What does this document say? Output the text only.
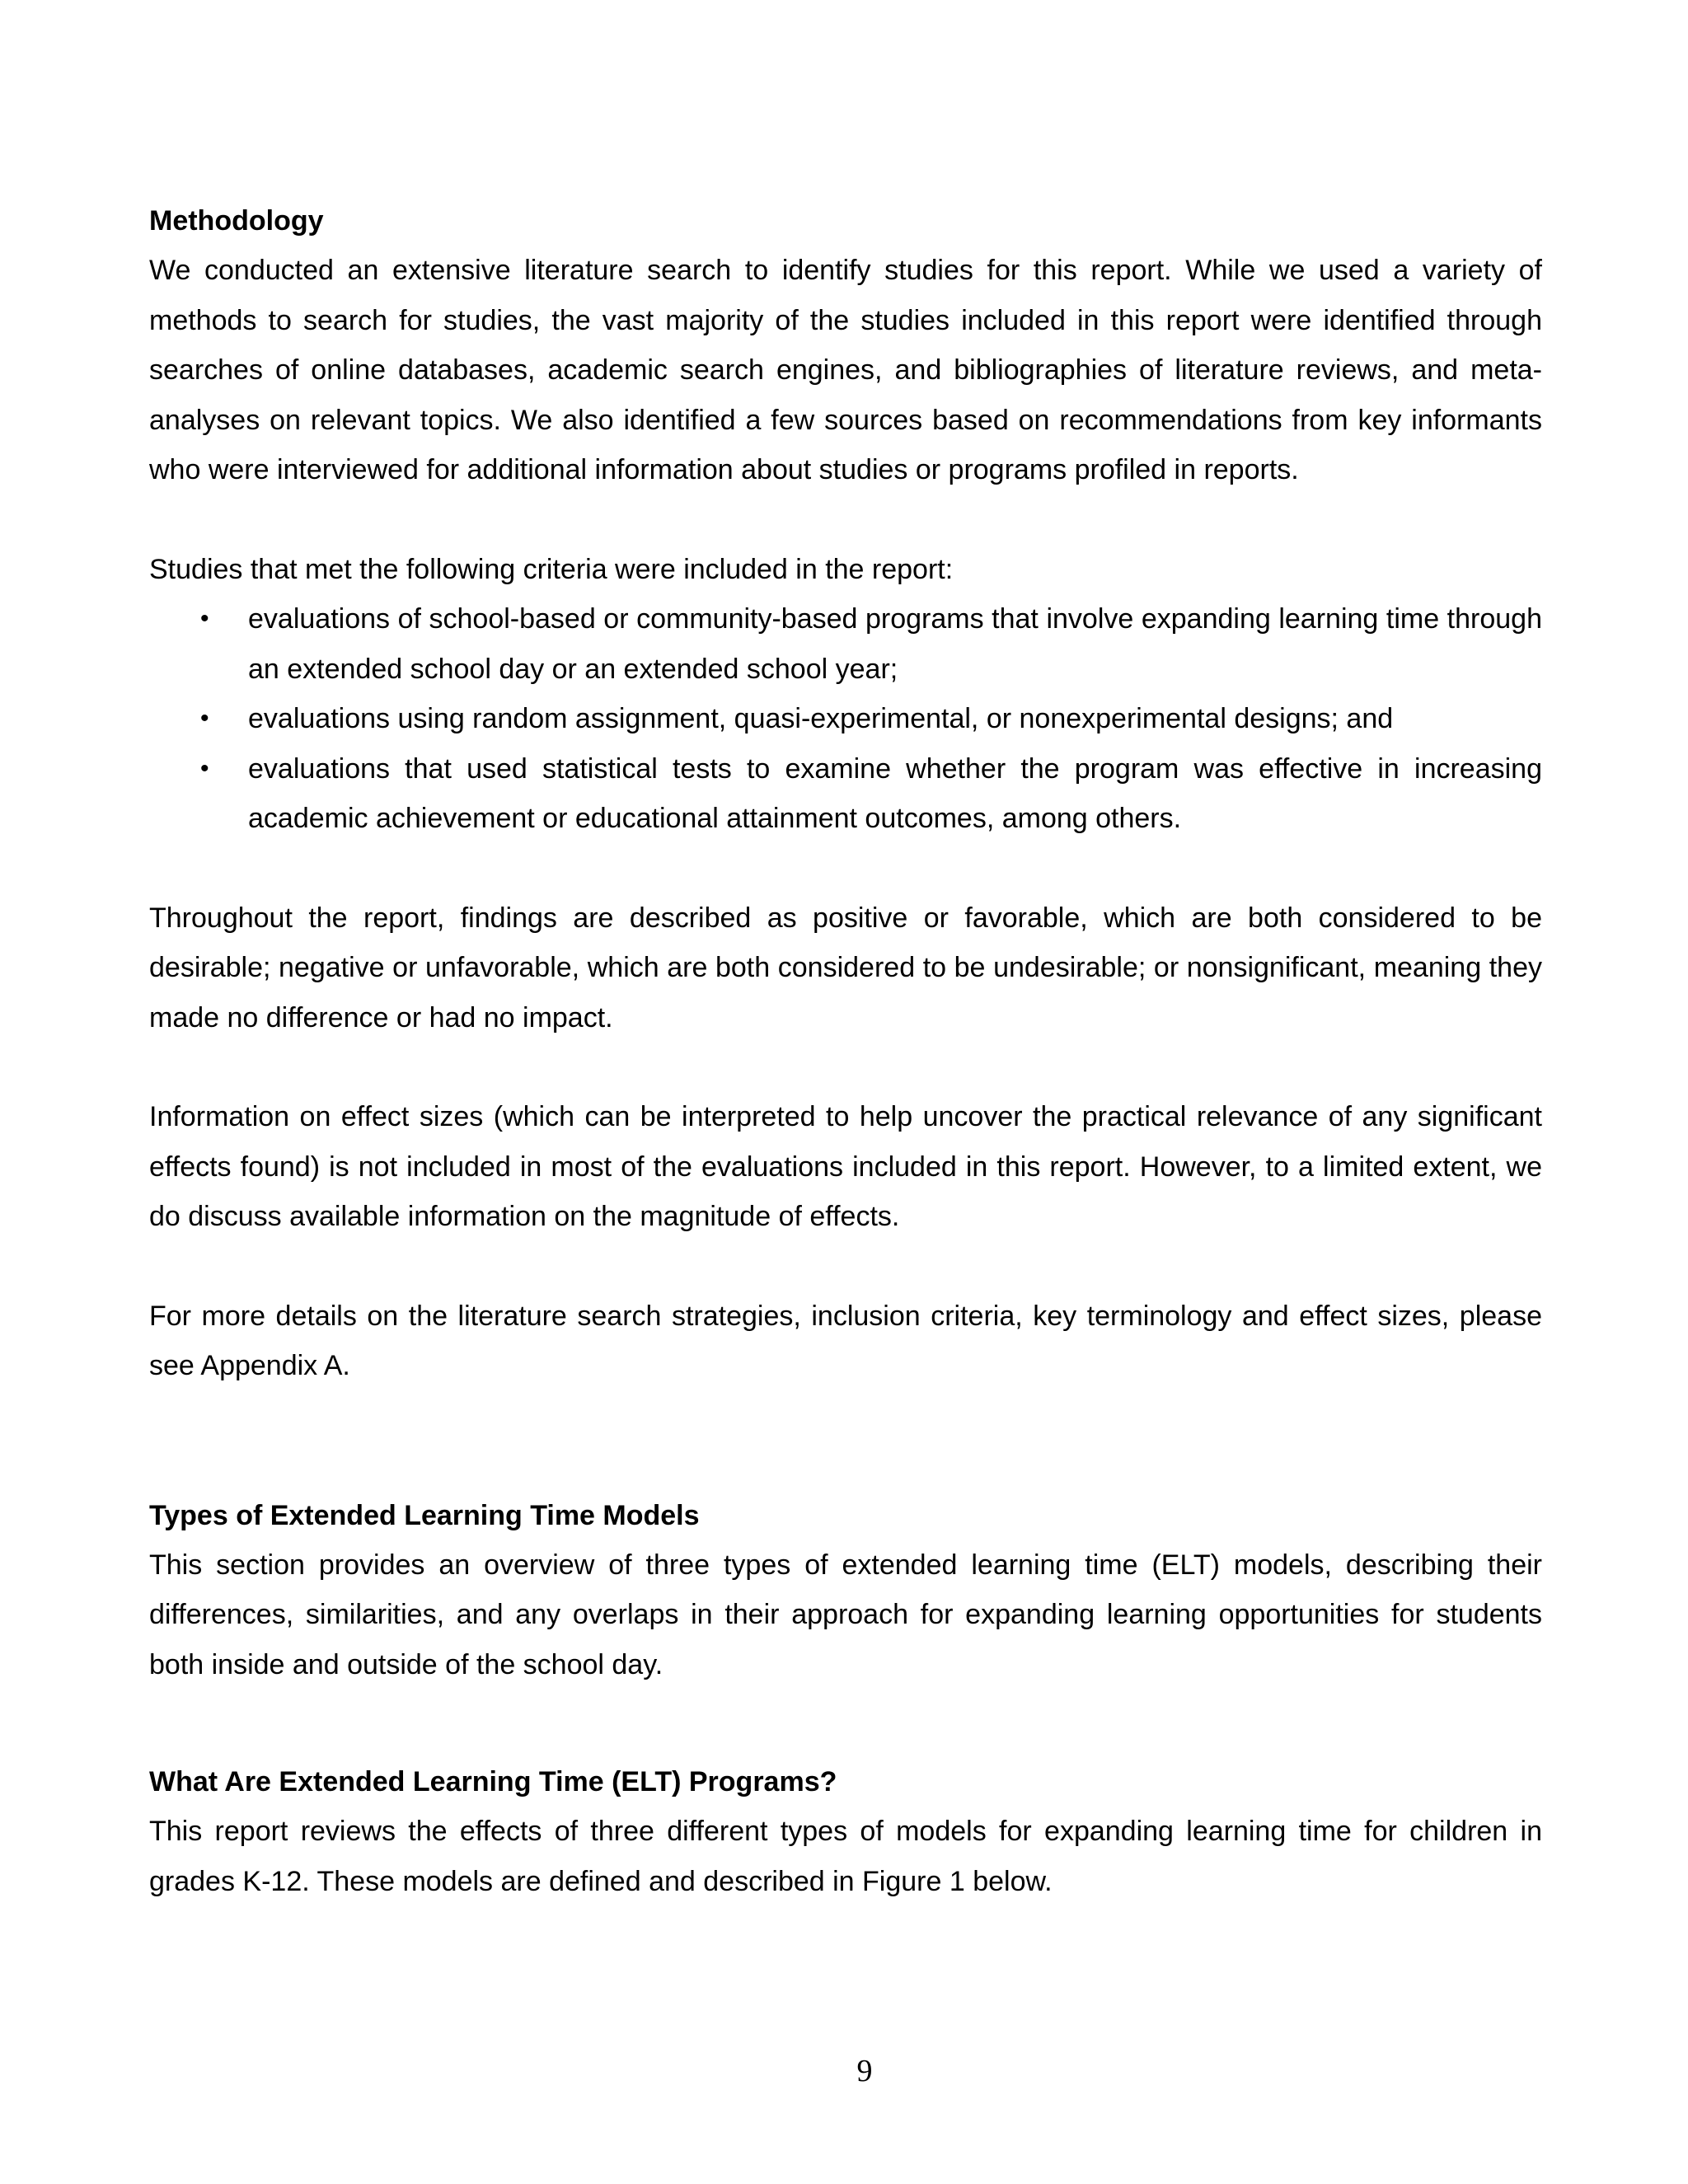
Methodology

We conducted an extensive literature search to identify studies for this report. While we used a variety of methods to search for studies, the vast majority of the studies included in this report were identified through searches of online databases, academic search engines, and bibliographies of literature reviews, and meta-analyses on relevant topics. We also identified a few sources based on recommendations from key informants who were interviewed for additional information about studies or programs profiled in reports.

Studies that met the following criteria were included in the report:

• evaluations of school-based or community-based programs that involve expanding learning time through an extended school day or an extended school year;
• evaluations using random assignment, quasi-experimental, or nonexperimental designs; and
• evaluations that used statistical tests to examine whether the program was effective in increasing academic achievement or educational attainment outcomes, among others.

Throughout the report, findings are described as positive or favorable, which are both considered to be desirable; negative or unfavorable, which are both considered to be undesirable; or nonsignificant, meaning they made no difference or had no impact.

Information on effect sizes (which can be interpreted to help uncover the practical relevance of any significant effects found) is not included in most of the evaluations included in this report. However, to a limited extent, we do discuss available information on the magnitude of effects.

For more details on the literature search strategies, inclusion criteria, key terminology and effect sizes, please see Appendix A.

Types of Extended Learning Time Models

This section provides an overview of three types of extended learning time (ELT) models, describing their differences, similarities, and any overlaps in their approach for expanding learning opportunities for students both inside and outside of the school day.

What Are Extended Learning Time (ELT) Programs?

This report reviews the effects of three different types of models for expanding learning time for children in grades K-12. These models are defined and described in Figure 1 below.

9
